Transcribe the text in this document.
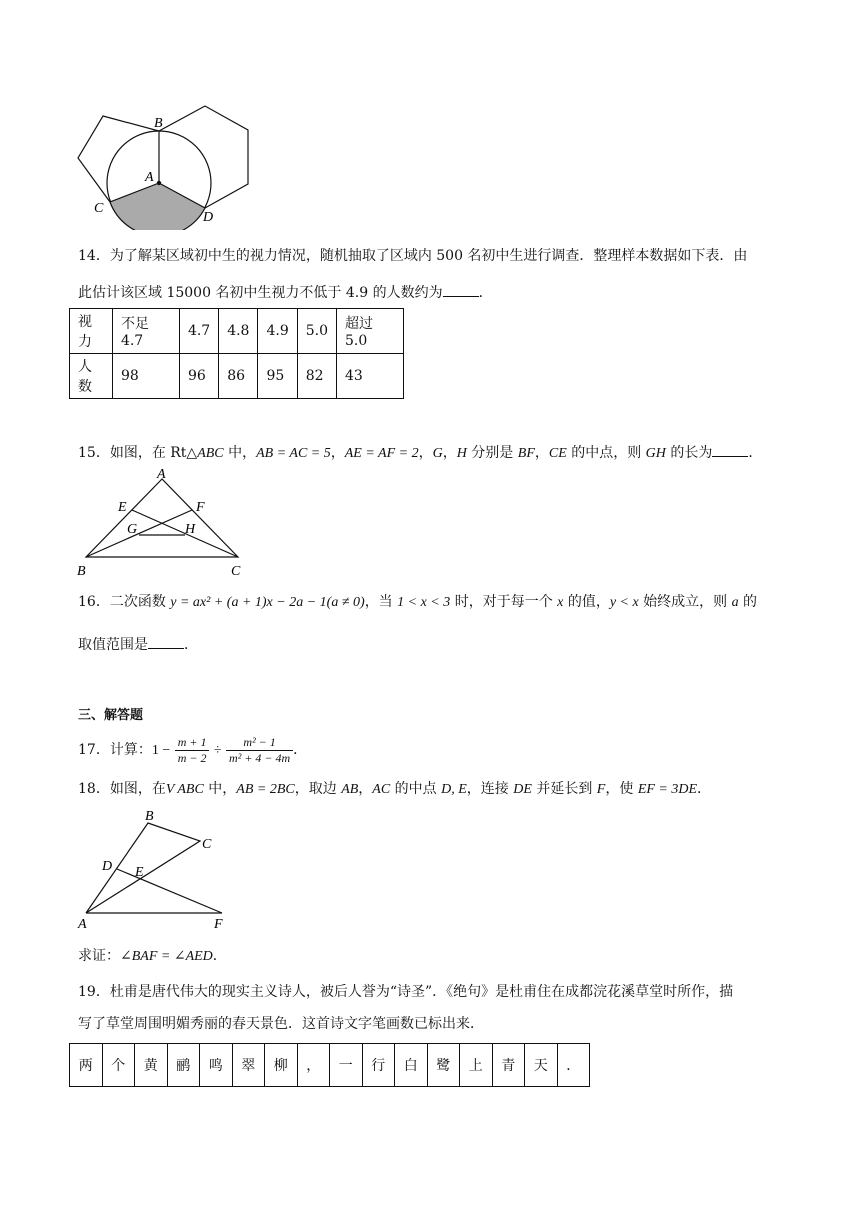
B
A
C
D
14．为了解某区域初中生的视力情况，随机抽取了区域内 500 名初中生进行调查．整理样本数据如下表．由
此估计该区域 15000 名初中生视力不低于 4.9 的人数约为	．
视力	不足 4.7	4.7	4.8	4.9	5.0	超过 5.0
人数	98	96	86	95	82	43
15．如图，在 Rt△ABC 中，AB = AC = 5，AE = AF = 2，G，H 分别是 BF，CE 的中点，则 GH 的长为	．
A
E	F
G	H
B	C
16．二次函数 y = ax² + (a + 1)x − 2a − 1(a ≠ 0)，当 1 < x < 3 时，对于每一个 x 的值，y < x 始终成立，则 a 的
取值范围是	．
三、解答题
17．计算：$1 - \frac{m + 1}{m - 2} \div \frac{\text{m² − 1}}{\text{m² + 4 − 4m}}$ ．
18．如图，在V ABC 中，AB = 2BC，取边 AB，AC 的中点 D, E，连接 DE 并延长到 F，使 EF = 3DE．
B
C
D E
A	F
求证：∠BAF = ∠AED．
19．杜甫是唐代伟大的现实主义诗人，被后人誉为“诗圣”．《绝句》是杜甫住在成都浣花溪草堂时所作，描
写了草堂周围明媚秀丽的春天景色．这首诗文字笔画数已标出来．
两	个	黄	鹂	鸣	翠	柳	，	一	行	白	鹭	上	青	天	．
